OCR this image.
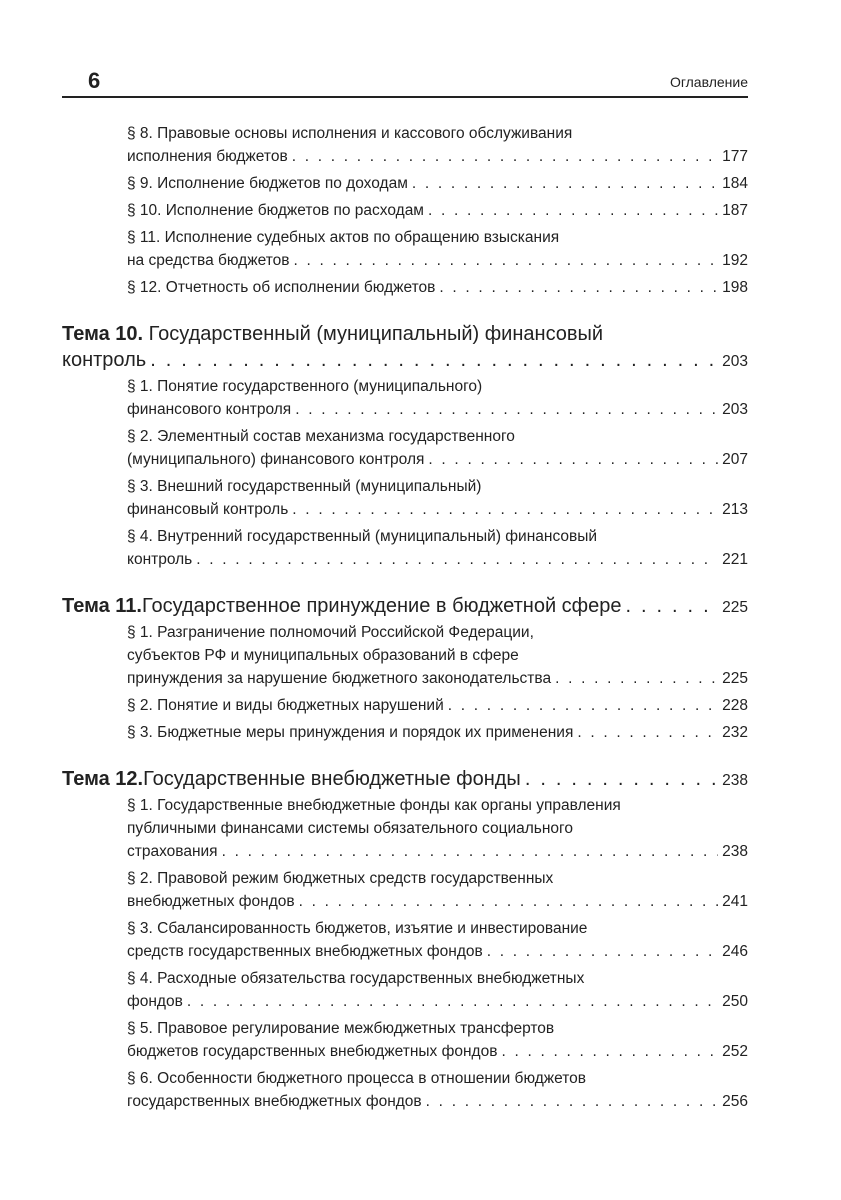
6	Оглавление
§ 8. Правовые основы исполнения и кассового обслуживания
исполнения бюджетов . . .	177
§ 9. Исполнение бюджетов по доходам . . .	184
§ 10. Исполнение бюджетов по расходам . . .	187
§ 11. Исполнение судебных актов по обращению взыскания
на средства бюджетов . . .	192
§ 12. Отчетность об исполнении бюджетов . . .	198
Тема 10. Государственный (муниципальный) финансовый
контроль . . .	203
§ 1. Понятие государственного (муниципального)
финансового контроля . . .	203
§ 2. Элементный состав механизма государственного
(муниципального) финансового контроля . . .	207
§ 3. Внешний государственный (муниципальный)
финансовый контроль . . .	213
§ 4. Внутренний государственный (муниципальный) финансовый
контроль . . .	221
Тема 11. Государственное принуждение в бюджетной сфере . . .	225
§ 1. Разграничение полномочий Российской Федерации,
субъектов РФ и муниципальных образований в сфере
принуждения за нарушение бюджетного законодательства . . .	225
§ 2. Понятие и виды бюджетных нарушений . . .	228
§ 3. Бюджетные меры принуждения и порядок их применения . . .	232
Тема 12. Государственные внебюджетные фонды . . .	238
§ 1. Государственные внебюджетные фонды как органы управления
публичными финансами системы обязательного социального
страхования . . .	238
§ 2. Правовой режим бюджетных средств государственных
внебюджетных фондов . . .	241
§ 3. Сбалансированность бюджетов, изъятие и инвестирование
средств государственных внебюджетных фондов . . .	246
§ 4. Расходные обязательства государственных внебюджетных
фондов . . .	250
§ 5. Правовое регулирование межбюджетных трансфертов
бюджетов государственных внебюджетных фондов . . .	252
§ 6. Особенности бюджетного процесса в отношении бюджетов
государственных внебюджетных фондов . . .	256
